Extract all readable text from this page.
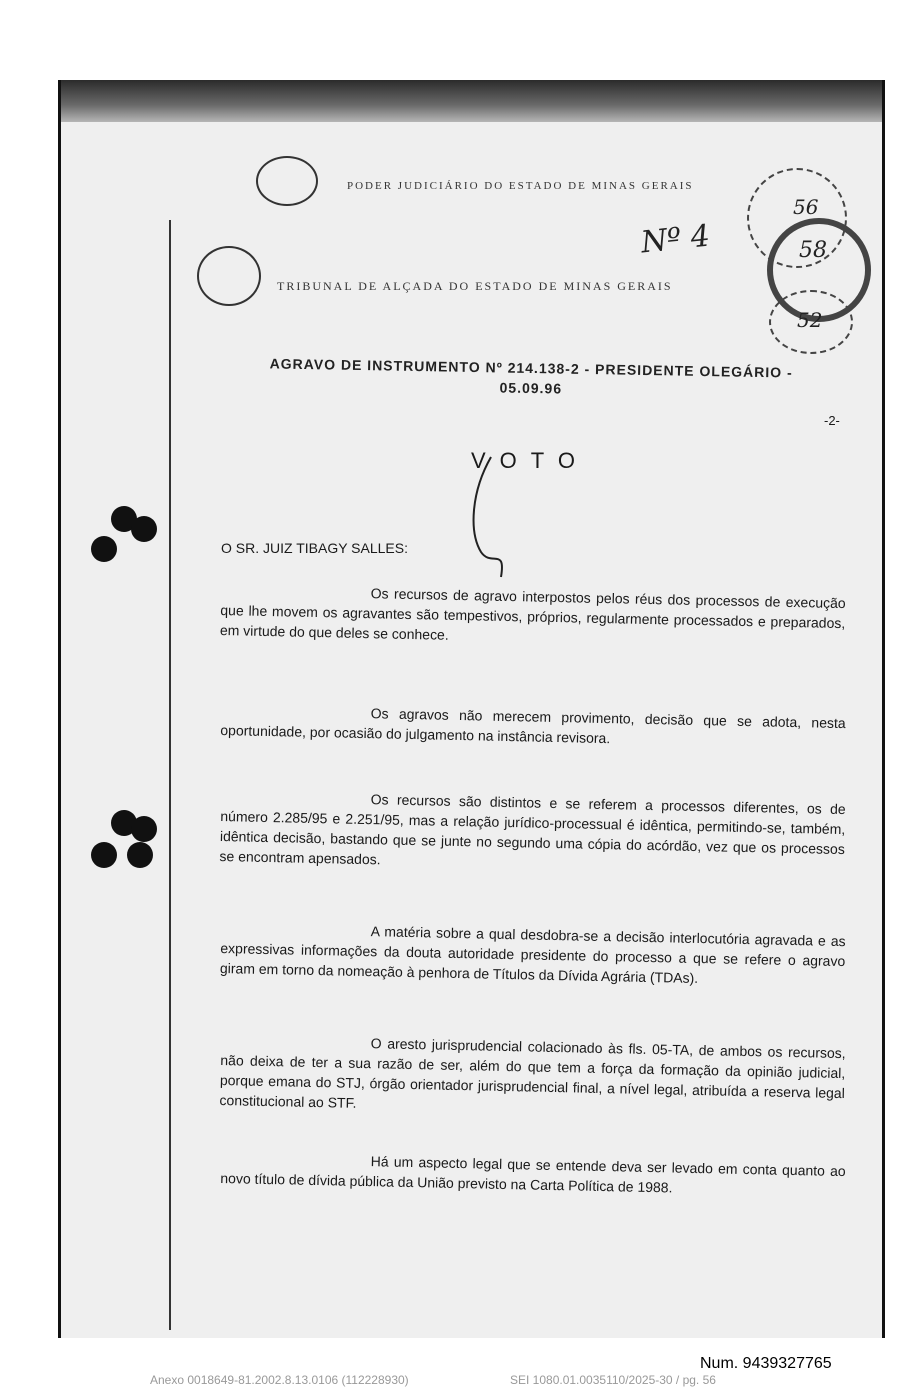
PODER JUDICIÁRIO DO ESTADO DE MINAS GERAIS
TRIBUNAL DE ALÇADA DO ESTADO DE MINAS GERAIS
Nº 4
56
58
52
AGRAVO DE INSTRUMENTO Nº 214.138-2 - PRESIDENTE OLEGÁRIO - 05.09.96
-2-
VOTO
O SR. JUIZ TIBAGY SALLES:
Os recursos de agravo interpostos pelos réus dos processos de execução que lhe movem os agravantes são tempestivos, próprios, regularmente processados e preparados, em virtude do que deles se conhece.
Os agravos não merecem provimento, decisão que se adota, nesta oportunidade, por ocasião do julgamento na instância revisora.
Os recursos são distintos e se referem a processos diferentes, os de número 2.285/95 e 2.251/95, mas a relação jurídico-processual é idêntica, permitindo-se, também, idêntica decisão, bastando que se junte no segundo uma cópia do acórdão, vez que os processos se encontram apensados.
A matéria sobre a qual desdobra-se a decisão interlocutória agravada e as expressivas informações da douta autoridade presidente do processo a que se refere o agravo giram em torno da nomeação à penhora de Títulos da Dívida Agrária (TDAs).
O aresto jurisprudencial colacionado às fls. 05-TA, de ambos os recursos, não deixa de ter a sua razão de ser, além do que tem a força da formação da opinião judicial, porque emana do STJ, órgão orientador jurisprudencial final, a nível legal, atribuída a reserva legal constitucional ao STF.
Há um aspecto legal que se entende deva ser levado em conta quanto ao novo título de dívida pública da União previsto na Carta Política de 1988.
Num. 9439327765
Anexo 0018649-81.2002.8.13.0106 (112228930)	SEI 1080.01.0035110/2025-30 / pg. 56
